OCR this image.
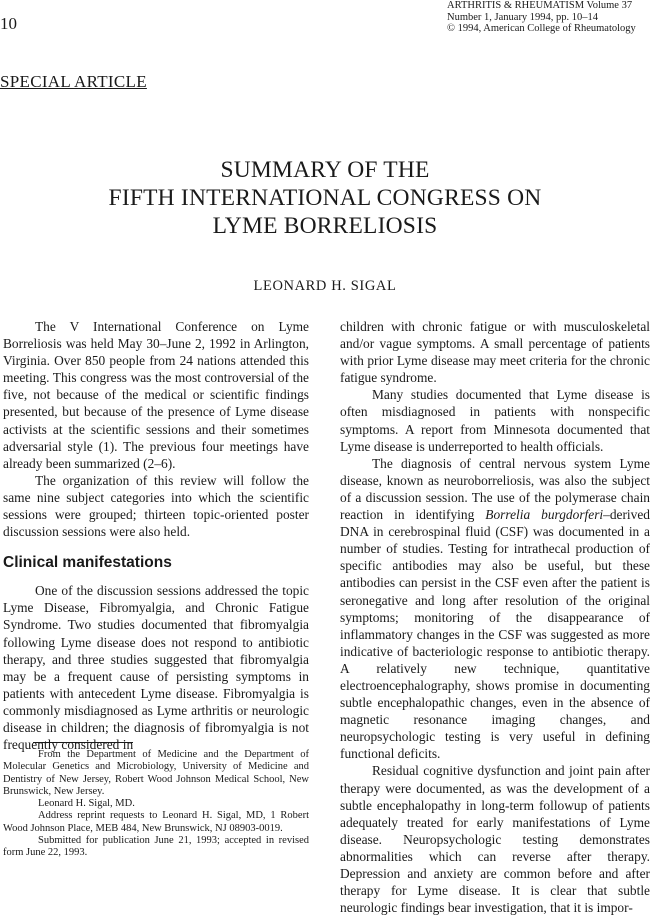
10
ARTHRITIS & RHEUMATISM Volume 37
Number 1, January 1994, pp. 10–14
© 1994, American College of Rheumatology
SPECIAL ARTICLE
SUMMARY OF THE
FIFTH INTERNATIONAL CONGRESS ON
LYME BORRELIOSIS
LEONARD H. SIGAL

The V International Conference on Lyme Borreliosis was held May 30–June 2, 1992 in Arlington, Virginia. Over 850 people from 24 nations attended this meeting. This congress was the most controversial of the five, not because of the medical or scientific findings presented, but because of the presence of Lyme disease activists at the scientific sessions and their sometimes adversarial style (1). The previous four meetings have already been summarized (2–6).

The organization of this review will follow the same nine subject categories into which the scientific sessions were grouped; thirteen topic-oriented poster discussion sessions were also held.

Clinical manifestations

One of the discussion sessions addressed the topic Lyme Disease, Fibromyalgia, and Chronic Fatigue Syndrome. Two studies documented that fibromyalgia following Lyme disease does not respond to antibiotic therapy, and three studies suggested that fibromyalgia may be a frequent cause of persisting symptoms in patients with antecedent Lyme disease. Fibromyalgia is commonly misdiagnosed as Lyme arthritis or neurologic disease in children; the diagnosis of fibromyalgia is not frequently considered in

From the Department of Medicine and the Department of Molecular Genetics and Microbiology, University of Medicine and Dentistry of New Jersey, Robert Wood Johnson Medical School, New Brunswick, New Jersey.

Leonard H. Sigal, MD.

Address reprint requests to Leonard H. Sigal, MD, 1 Robert Wood Johnson Place, MEB 484, New Brunswick, NJ 08903-0019.

Submitted for publication June 21, 1993; accepted in revised form June 22, 1993.

children with chronic fatigue or with musculoskeletal and/or vague symptoms. A small percentage of patients with prior Lyme disease may meet criteria for the chronic fatigue syndrome.

Many studies documented that Lyme disease is often misdiagnosed in patients with nonspecific symptoms. A report from Minnesota documented that Lyme disease is underreported to health officials.

The diagnosis of central nervous system Lyme disease, known as neuroborreliosis, was also the subject of a discussion session. The use of the polymerase chain reaction in identifying Borrelia burgdorferi–derived DNA in cerebrospinal fluid (CSF) was documented in a number of studies. Testing for intrathecal production of specific antibodies may also be useful, but these antibodies can persist in the CSF even after the patient is seronegative and long after resolution of the original symptoms; monitoring of the disappearance of inflammatory changes in the CSF was suggested as more indicative of bacteriologic response to antibiotic therapy. A relatively new technique, quantitative electroencephalography, shows promise in documenting subtle encephalopathic changes, even in the absence of magnetic resonance imaging changes, and neuropsychologic testing is very useful in defining functional deficits.

Residual cognitive dysfunction and joint pain after therapy were documented, as was the development of a subtle encephalopathy in long-term followup of patients adequately treated for early manifestations of Lyme disease. Neuropsychologic testing demonstrates abnormalities which can reverse after therapy. Depression and anxiety are common before and after therapy for Lyme disease. It is clear that subtle neurologic findings bear investigation, that it is impor-
